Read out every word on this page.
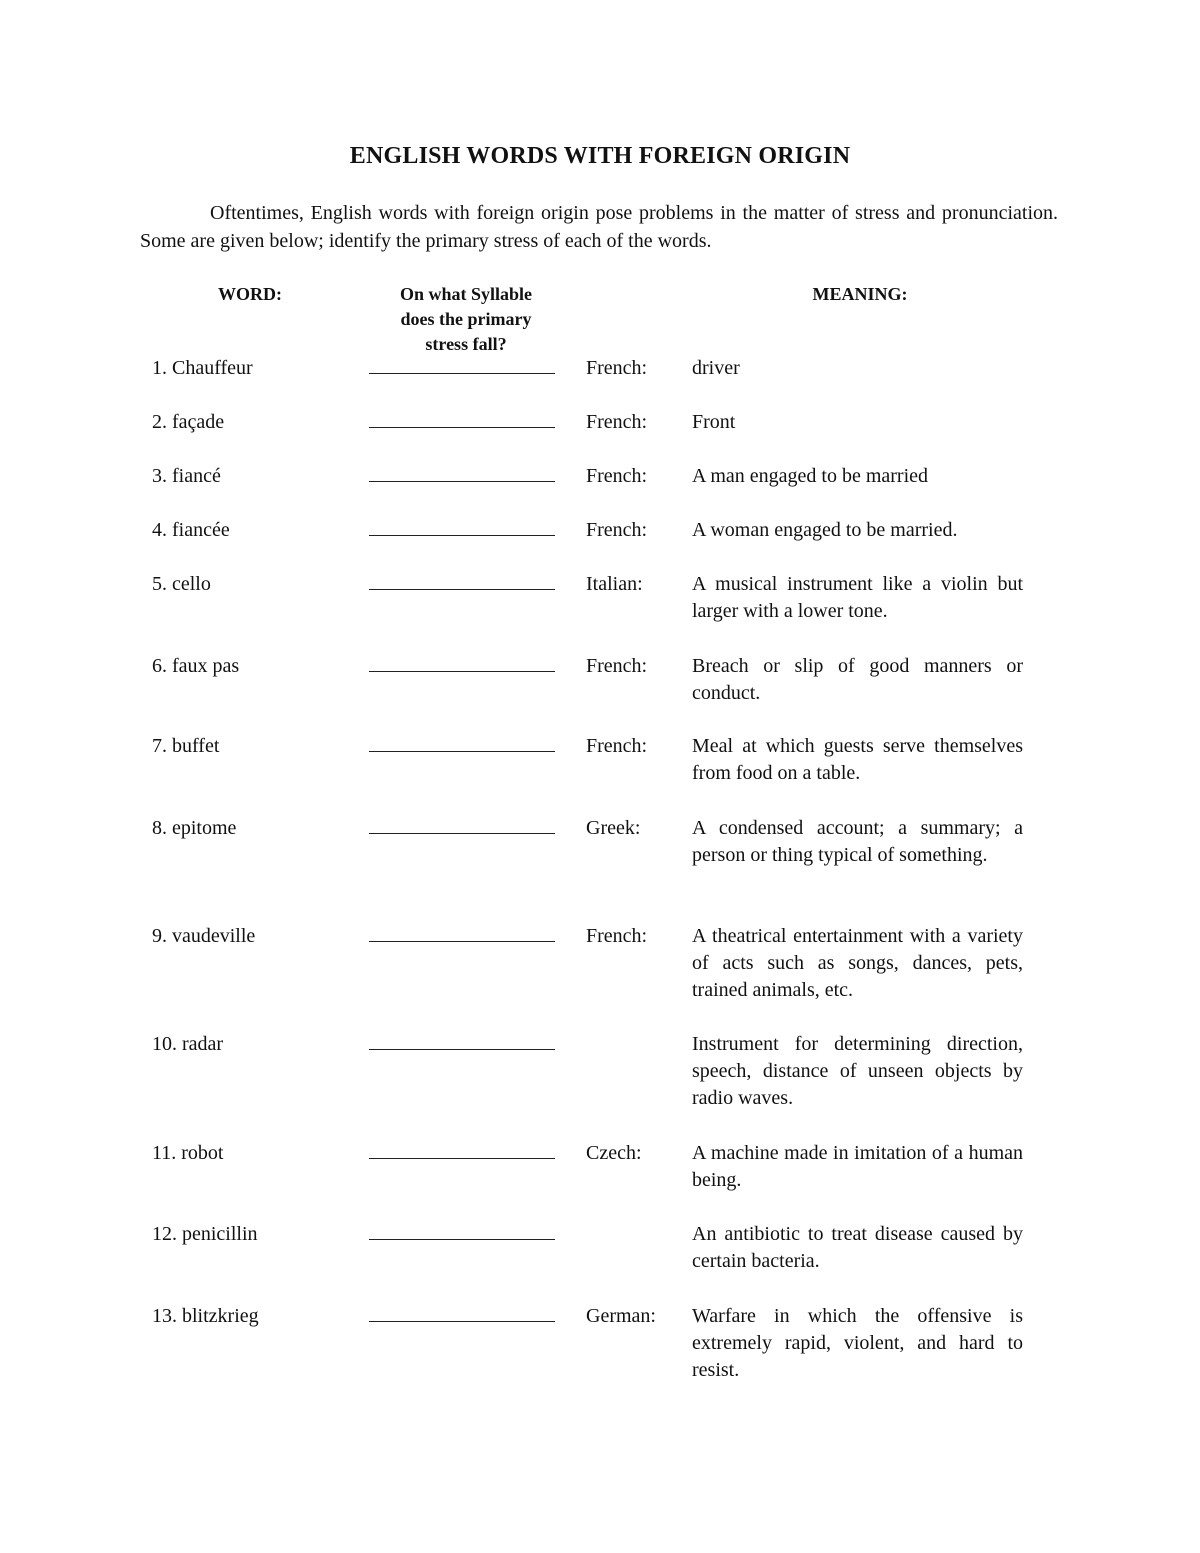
ENGLISH WORDS WITH FOREIGN ORIGIN
Oftentimes, English words with foreign origin pose problems in the matter of stress and pronunciation. Some are given below; identify the primary stress of each of the words.
WORD:	On what Syllable
does the primary
stress fall?
MEANING:
1. Chauffeur	French: driver
2. façade	French: Front
3. fiancé	French: A man engaged to be married
4. fiancée	French: A woman engaged to be married.
5. cello	Italian: A musical instrument like a violin but larger with a lower tone.
6. faux pas	French: Breach or slip of good manners or conduct.
7. buffet	French: Meal at which guests serve themselves from food on a table.
8. epitome	Greek:	A condensed account; a summary; a person or thing typical of something.
9. vaudeville	French: A theatrical entertainment with a variety of acts such as songs, dances, pets, trained animals, etc.
10. radar	Instrument for determining direction, speech, distance of unseen objects by radio waves.
11. robot	Czech:	A machine made in imitation of a human being.
12. penicillin	An antibiotic to treat disease caused by certain bacteria.
13. blitzkrieg	German: Warfare in which the offensive is extremely rapid, violent, and hard to resist.
